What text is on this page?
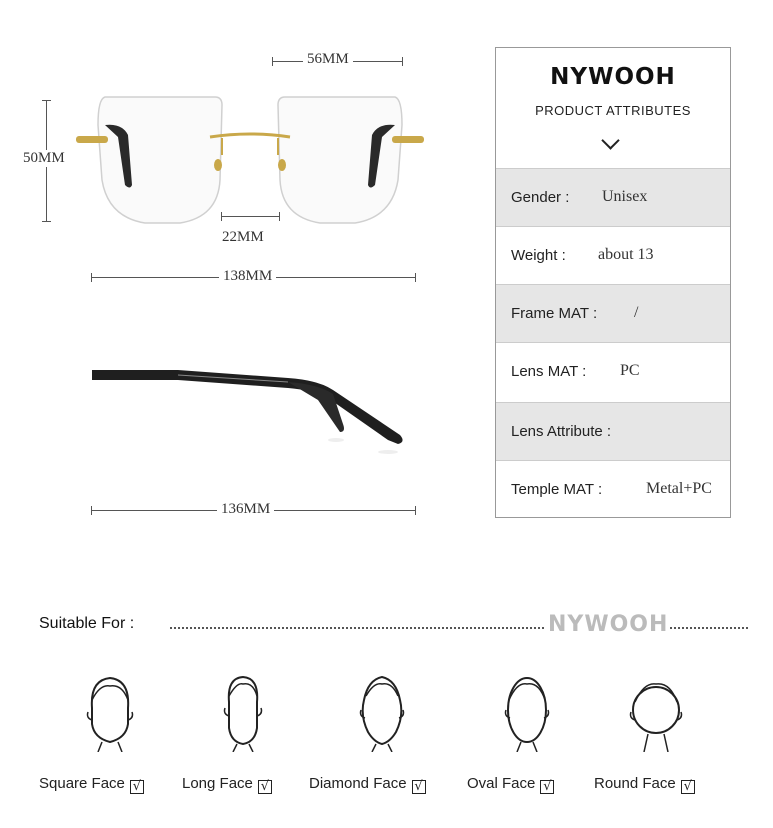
56MM
50MM
22MM
138MM
136MM
NYWOOH
PRODUCT ATTRIBUTES
Gender : Unisex
Weight : about 13
Frame MAT : /
Lens MAT : PC
Lens Attribute :
Temple MAT :	Metal+PC
Suitable For :	NYWOOH
Square Face √	Long Face √	Diamond Face √	Oval Face √	Round Face √
